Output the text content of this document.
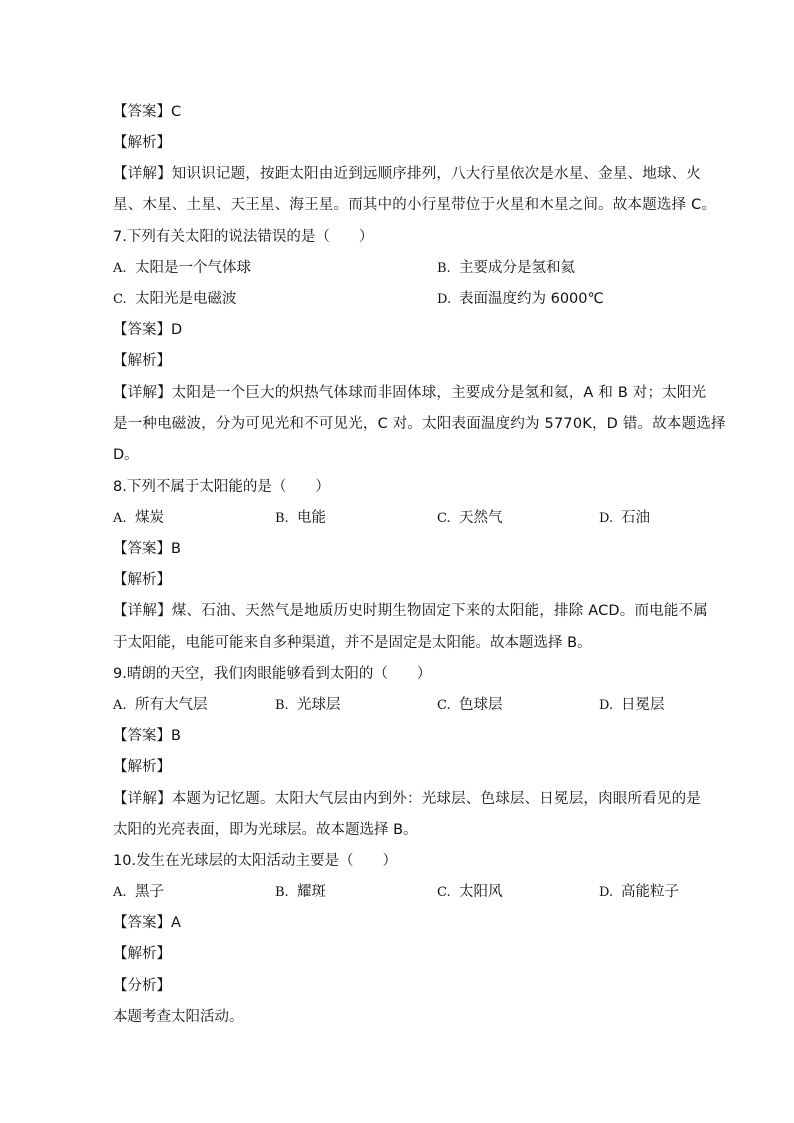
【答案】C
【解析】
【详解】知识识记题，按距太阳由近到远顺序排列，八大行星依次是水星、金星、地球、火
星、木星、土星、天王星、海王星。而其中的小行星带位于火星和木星之间。故本题选择 C。
7.下列有关太阳的说法错误的是（　　）
A. 太阳是一个气体球	B. 主要成分是氢和氦
C. 太阳光是电磁波	D. 表面温度约为 6000℃
【答案】D
【解析】
【详解】太阳是一个巨大的炽热气体球而非固体球，主要成分是氢和氦，A 和 B 对；太阳光
是一种电磁波，分为可见光和不可见光，C 对。太阳表面温度约为 5770K，D 错。故本题选择
D。
8.下列不属于太阳能的是（　　）
A. 煤炭	B. 电能	C. 天然气	D. 石油
【答案】B
【解析】
【详解】煤、石油、天然气是地质历史时期生物固定下来的太阳能，排除 ACD。而电能不属
于太阳能，电能可能来自多种渠道，并不是固定是太阳能。故本题选择 B。
9.晴朗的天空，我们肉眼能够看到太阳的（　　）
A. 所有大气层	B. 光球层	C. 色球层	D. 日冕层
【答案】B
【解析】
【详解】本题为记忆题。太阳大气层由内到外：光球层、色球层、日冕层，肉眼所看见的是
太阳的光亮表面，即为光球层。故本题选择 B。
10.发生在光球层的太阳活动主要是（　　）
A. 黑子	B. 耀斑	C. 太阳风	D. 高能粒子
【答案】A
【解析】
【分析】
本题考查太阳活动。
